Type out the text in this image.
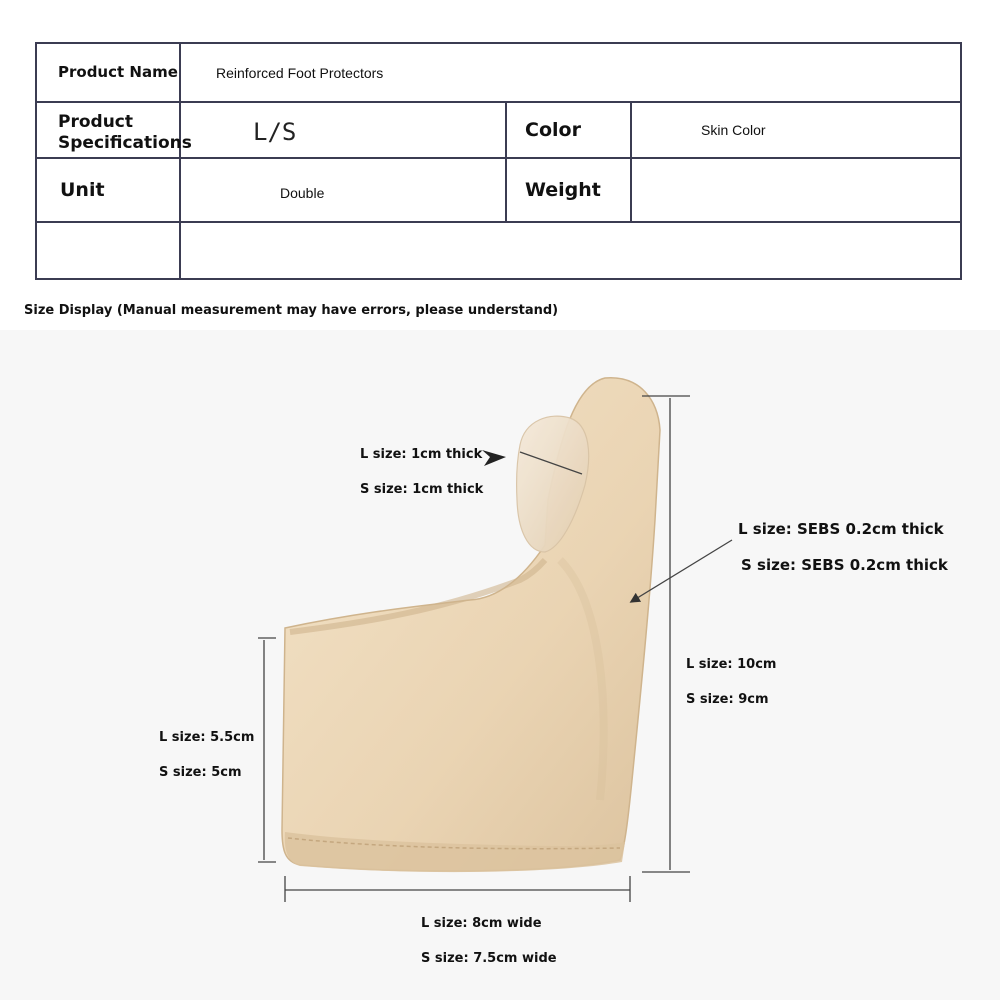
Product Name	Reinforced Foot Protectors
Product
Specifications	L/S	Color	Skin Color
Unit	Double	Weight
Size Display (Manual measurement may have errors, please understand)
L size: 1cm thick
S size: 1cm thick
L size: SEBS 0.2cm thick
S size: SEBS 0.2cm thick
L size: 10cm
S size: 9cm
L size: 5.5cm
S size: 5cm
L size: 8cm wide
S size: 7.5cm wide
